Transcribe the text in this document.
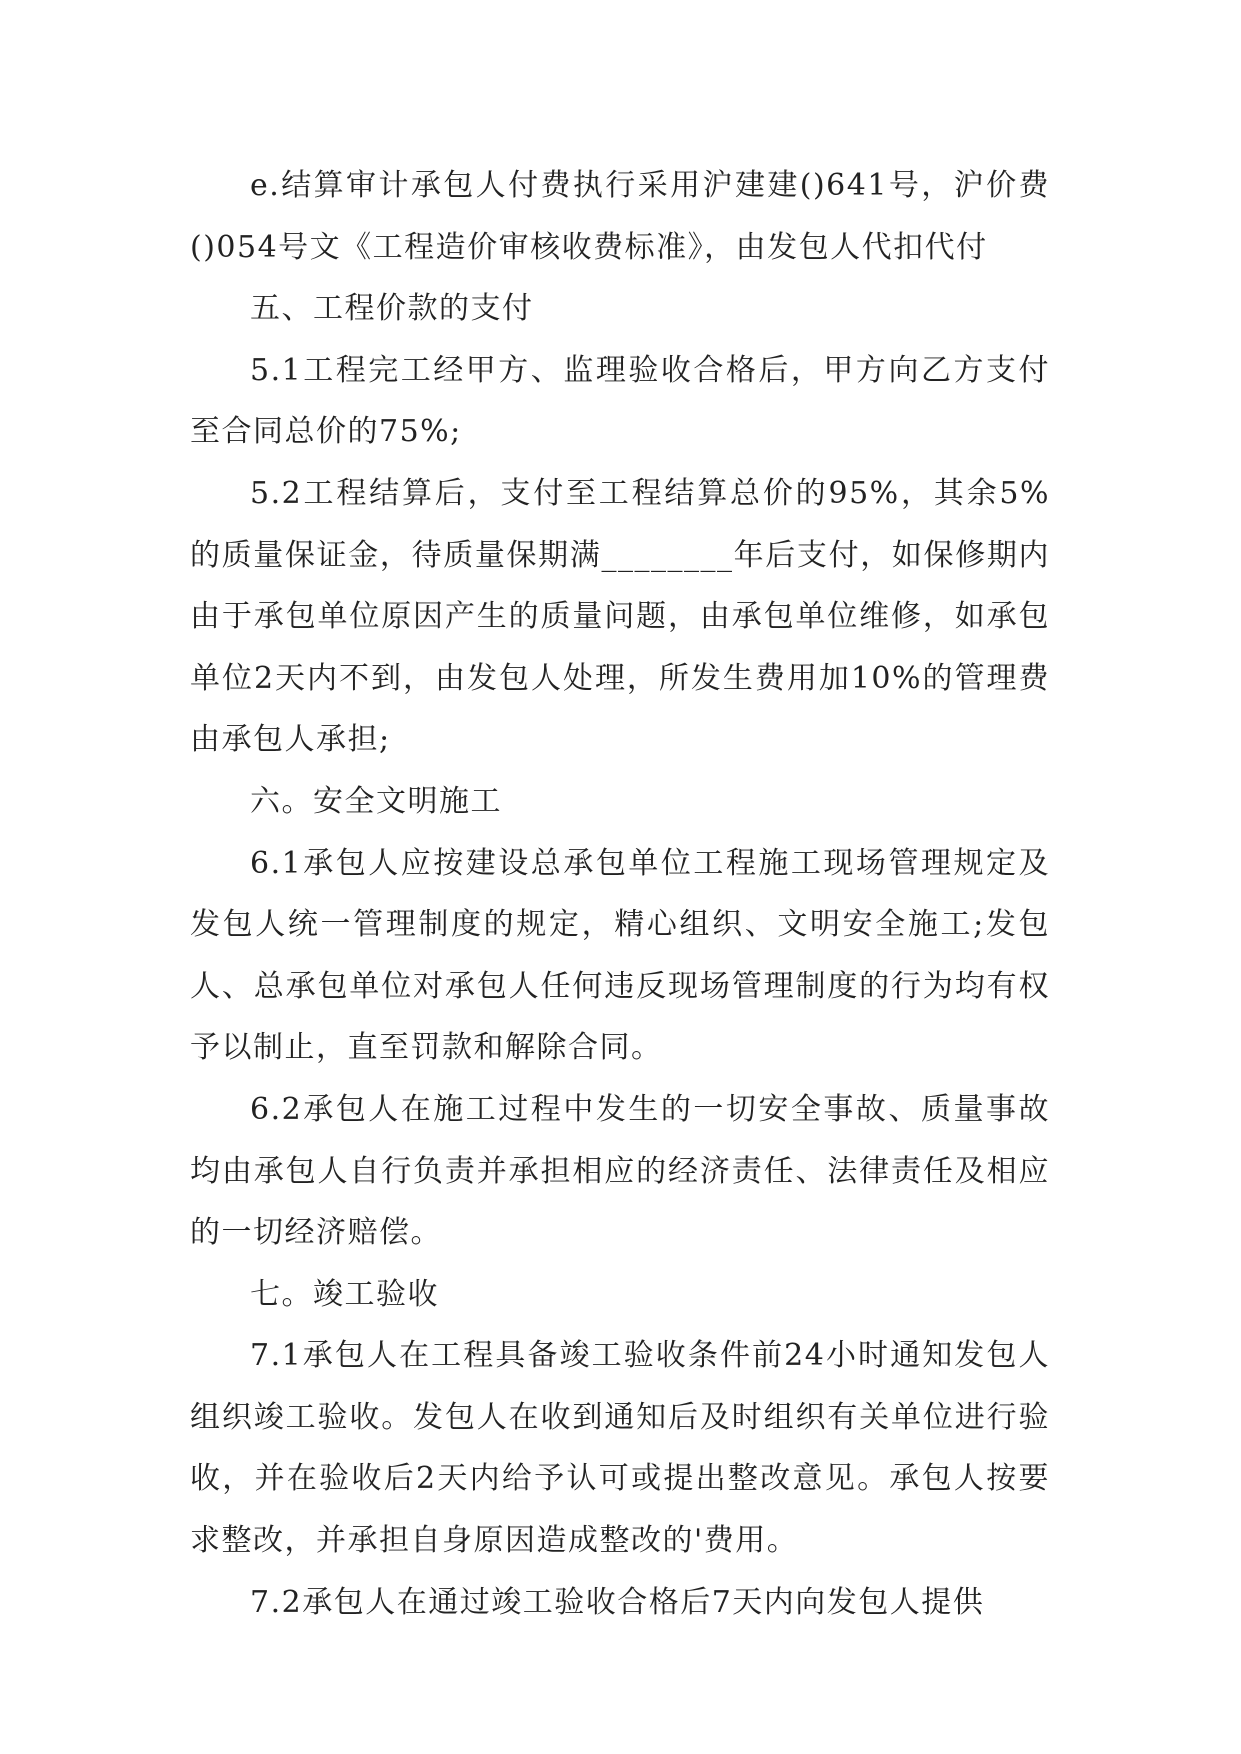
e.结算审计承包人付费执行采用沪建建()641号，沪价费()054号文《工程造价审核收费标准》，由发包人代扣代付

五、工程价款的支付

5.1工程完工经甲方、监理验收合格后，甲方向乙方支付至合同总价的75%;

5.2工程结算后，支付至工程结算总价的95%，其余5%的质量保证金，待质量保期满________年后支付，如保修期内由于承包单位原因产生的质量问题，由承包单位维修，如承包单位2天内不到，由发包人处理，所发生费用加10%的管理费由承包人承担;

六。安全文明施工

6.1承包人应按建设总承包单位工程施工现场管理规定及发包人统一管理制度的规定，精心组织、文明安全施工;发包人、总承包单位对承包人任何违反现场管理制度的行为均有权予以制止，直至罚款和解除合同。

6.2承包人在施工过程中发生的一切安全事故、质量事故均由承包人自行负责并承担相应的经济责任、法律责任及相应的一切经济赔偿。

七。竣工验收

7.1承包人在工程具备竣工验收条件前24小时通知发包人组织竣工验收。发包人在收到通知后及时组织有关单位进行验收，并在验收后2天内给予认可或提出整改意见。承包人按要求整改，并承担自身原因造成整改的'费用。

7.2承包人在通过竣工验收合格后7天内向发包人提供
